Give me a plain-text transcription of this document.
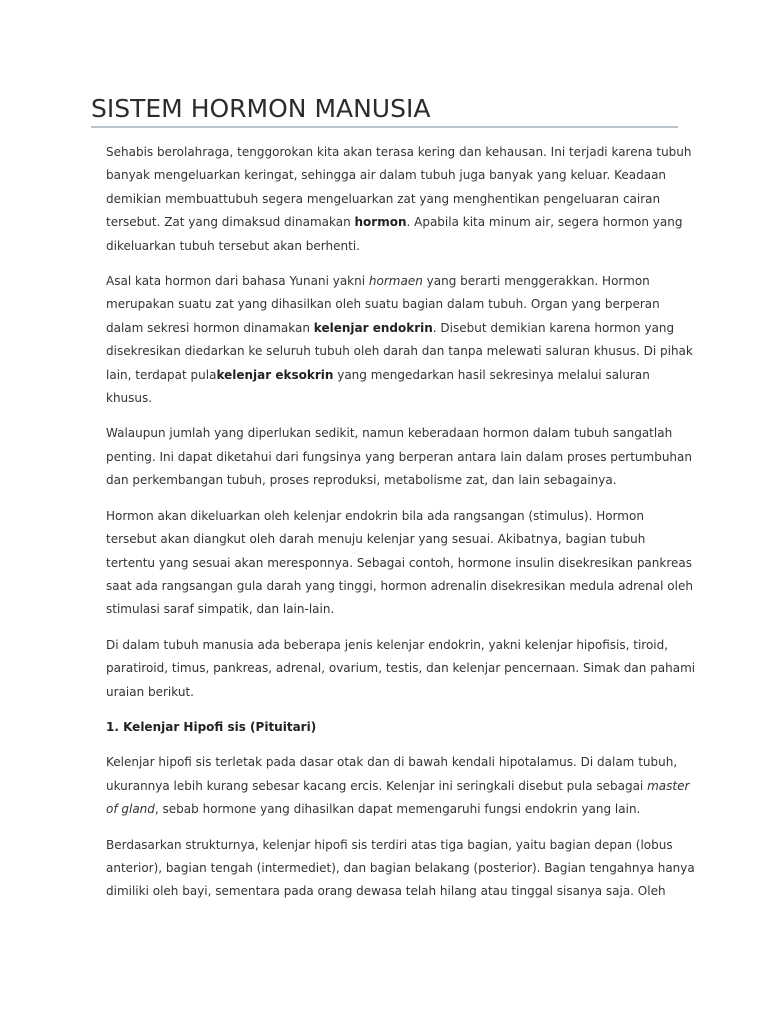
SISTEM HORMON MANUSIA
Sehabis berolahraga, tenggorokan kita akan terasa kering dan kehausan. Ini terjadi karena tubuh
banyak mengeluarkan keringat, sehingga air dalam tubuh juga banyak yang keluar. Keadaan
demikian membuattubuh segera mengeluarkan zat yang menghentikan pengeluaran cairan
tersebut. Zat yang dimaksud dinamakan hormon. Apabila kita minum air, segera hormon yang
dikeluarkan tubuh tersebut akan berhenti.
Asal kata hormon dari bahasa Yunani yakni hormaen yang berarti menggerakkan. Hormon
merupakan suatu zat yang dihasilkan oleh suatu bagian dalam tubuh. Organ yang berperan
dalam sekresi hormon dinamakan kelenjar endokrin. Disebut demikian karena hormon yang
disekresikan diedarkan ke seluruh tubuh oleh darah dan tanpa melewati saluran khusus. Di pihak
lain, terdapat pulakelenjar eksokrin yang mengedarkan hasil sekresinya melalui saluran
khusus.
Walaupun jumlah yang diperlukan sedikit, namun keberadaan hormon dalam tubuh sangatlah
penting. Ini dapat diketahui dari fungsinya yang berperan antara lain dalam proses pertumbuhan
dan perkembangan tubuh, proses reproduksi, metabolisme zat, dan lain sebagainya.
Hormon akan dikeluarkan oleh kelenjar endokrin bila ada rangsangan (stimulus). Hormon
tersebut akan diangkut oleh darah menuju kelenjar yang sesuai. Akibatnya, bagian tubuh
tertentu yang sesuai akan meresponnya. Sebagai contoh, hormone insulin disekresikan pankreas
saat ada rangsangan gula darah yang tinggi, hormon adrenalin disekresikan medula adrenal oleh
stimulasi saraf simpatik, dan lain-lain.
Di dalam tubuh manusia ada beberapa jenis kelenjar endokrin, yakni kelenjar hipofisis, tiroid,
paratiroid, timus, pankreas, adrenal, ovarium, testis, dan kelenjar pencernaan. Simak dan pahami
uraian berikut.
1. Kelenjar Hipofi sis (Pituitari)
Kelenjar hipofi sis terletak pada dasar otak dan di bawah kendali hipotalamus. Di dalam tubuh,
ukurannya lebih kurang sebesar kacang ercis. Kelenjar ini seringkali disebut pula sebagai master
of gland, sebab hormone yang dihasilkan dapat memengaruhi fungsi endokrin yang lain.
Berdasarkan strukturnya, kelenjar hipofi sis terdiri atas tiga bagian, yaitu bagian depan (lobus
anterior), bagian tengah (intermediet), dan bagian belakang (posterior). Bagian tengahnya hanya
dimiliki oleh bayi, sementara pada orang dewasa telah hilang atau tinggal sisanya saja. Oleh
